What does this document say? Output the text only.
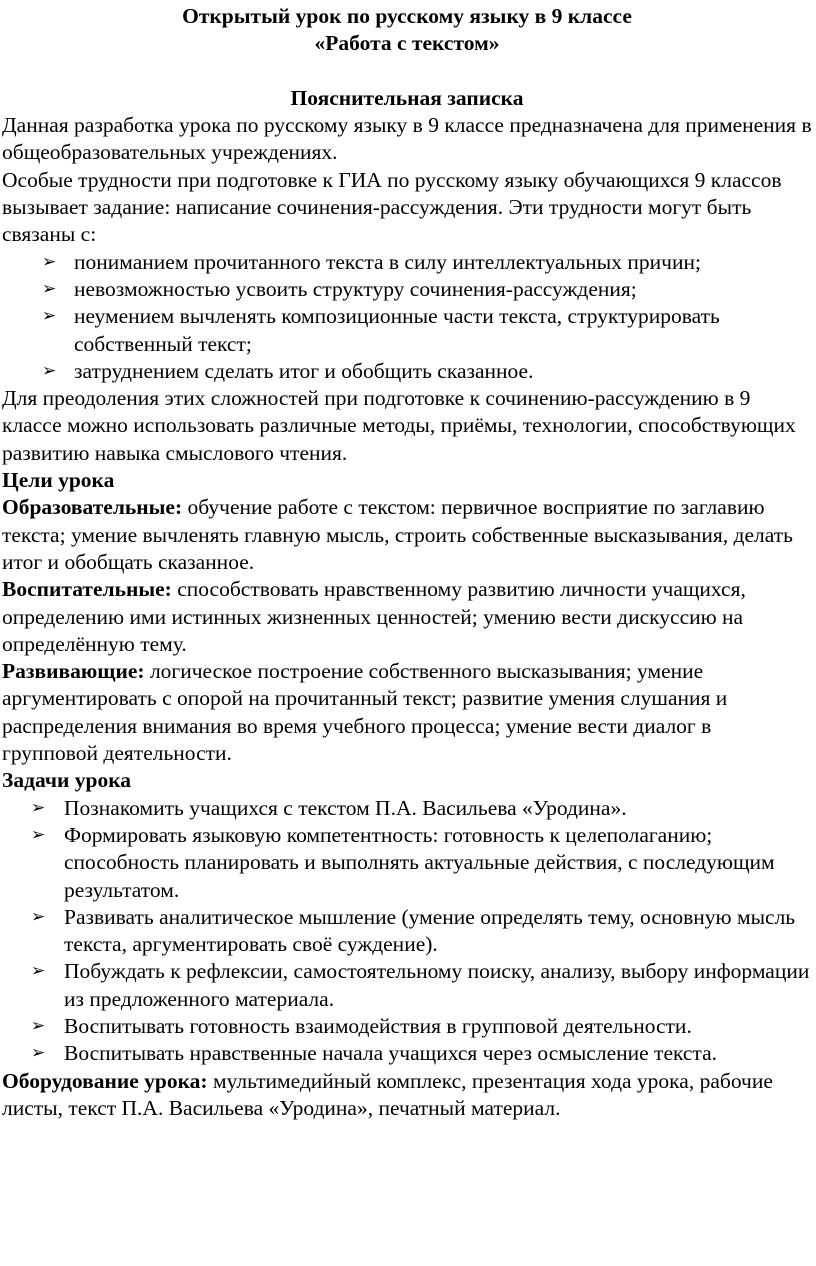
Открытый урок по русскому языку в 9 классе
«Работа с текстом»
Пояснительная записка

Данная разработка урока по русскому языку в 9 классе предназначена для применения в общеобразовательных учреждениях.

Особые трудности при подготовке к ГИА по русскому языку обучающихся 9 классов вызывает задание: написание сочинения-рассуждения. Эти трудности могут быть связаны с:

➢ пониманием прочитанного текста в силу интеллектуальных причин;
➢ невозможностью усвоить структуру сочинения-рассуждения;
➢ неумением вычленять композиционные части текста, структурировать собственный текст;
➢ затруднением сделать итог и обобщить сказанное.

Для преодоления этих сложностей при подготовке к сочинению-рассуждению в 9 классе можно использовать различные методы, приёмы, технологии, способствующих развитию навыка смыслового чтения.

Цели урока

Образовательные: обучение работе с текстом: первичное восприятие по заглавию текста; умение вычленять главную мысль, строить собственные высказывания, делать итог и обобщать сказанное.

Воспитательные: способствовать нравственному развитию личности учащихся, определению ими истинных жизненных ценностей; умению вести дискуссию на определённую тему.

Развивающие: логическое построение собственного высказывания; умение аргументировать с опорой на прочитанный текст; развитие умения слушания и распределения внимания во время учебного процесса; умение вести диалог в групповой деятельности.

Задачи урока
➢ Познакомить учащихся с текстом П.А. Васильева «Уродина».
➢ Формировать языковую компетентность: готовность к целеполаганию; способность планировать и выполнять актуальные действия, с последующим результатом.
➢ Развивать аналитическое мышление (умение определять тему, основную мысль текста, аргументировать своё суждение).
➢ Побуждать к рефлексии, самостоятельному поиску, анализу, выбору информации из предложенного материала.
➢ Воспитывать готовность взаимодействия в групповой деятельности.
➢ Воспитывать нравственные начала учащихся через осмысление текста.

Оборудование урока: мультимедийный комплекс, презентация хода урока, рабочие листы, текст П.А. Васильева «Уродина», печатный материал.
